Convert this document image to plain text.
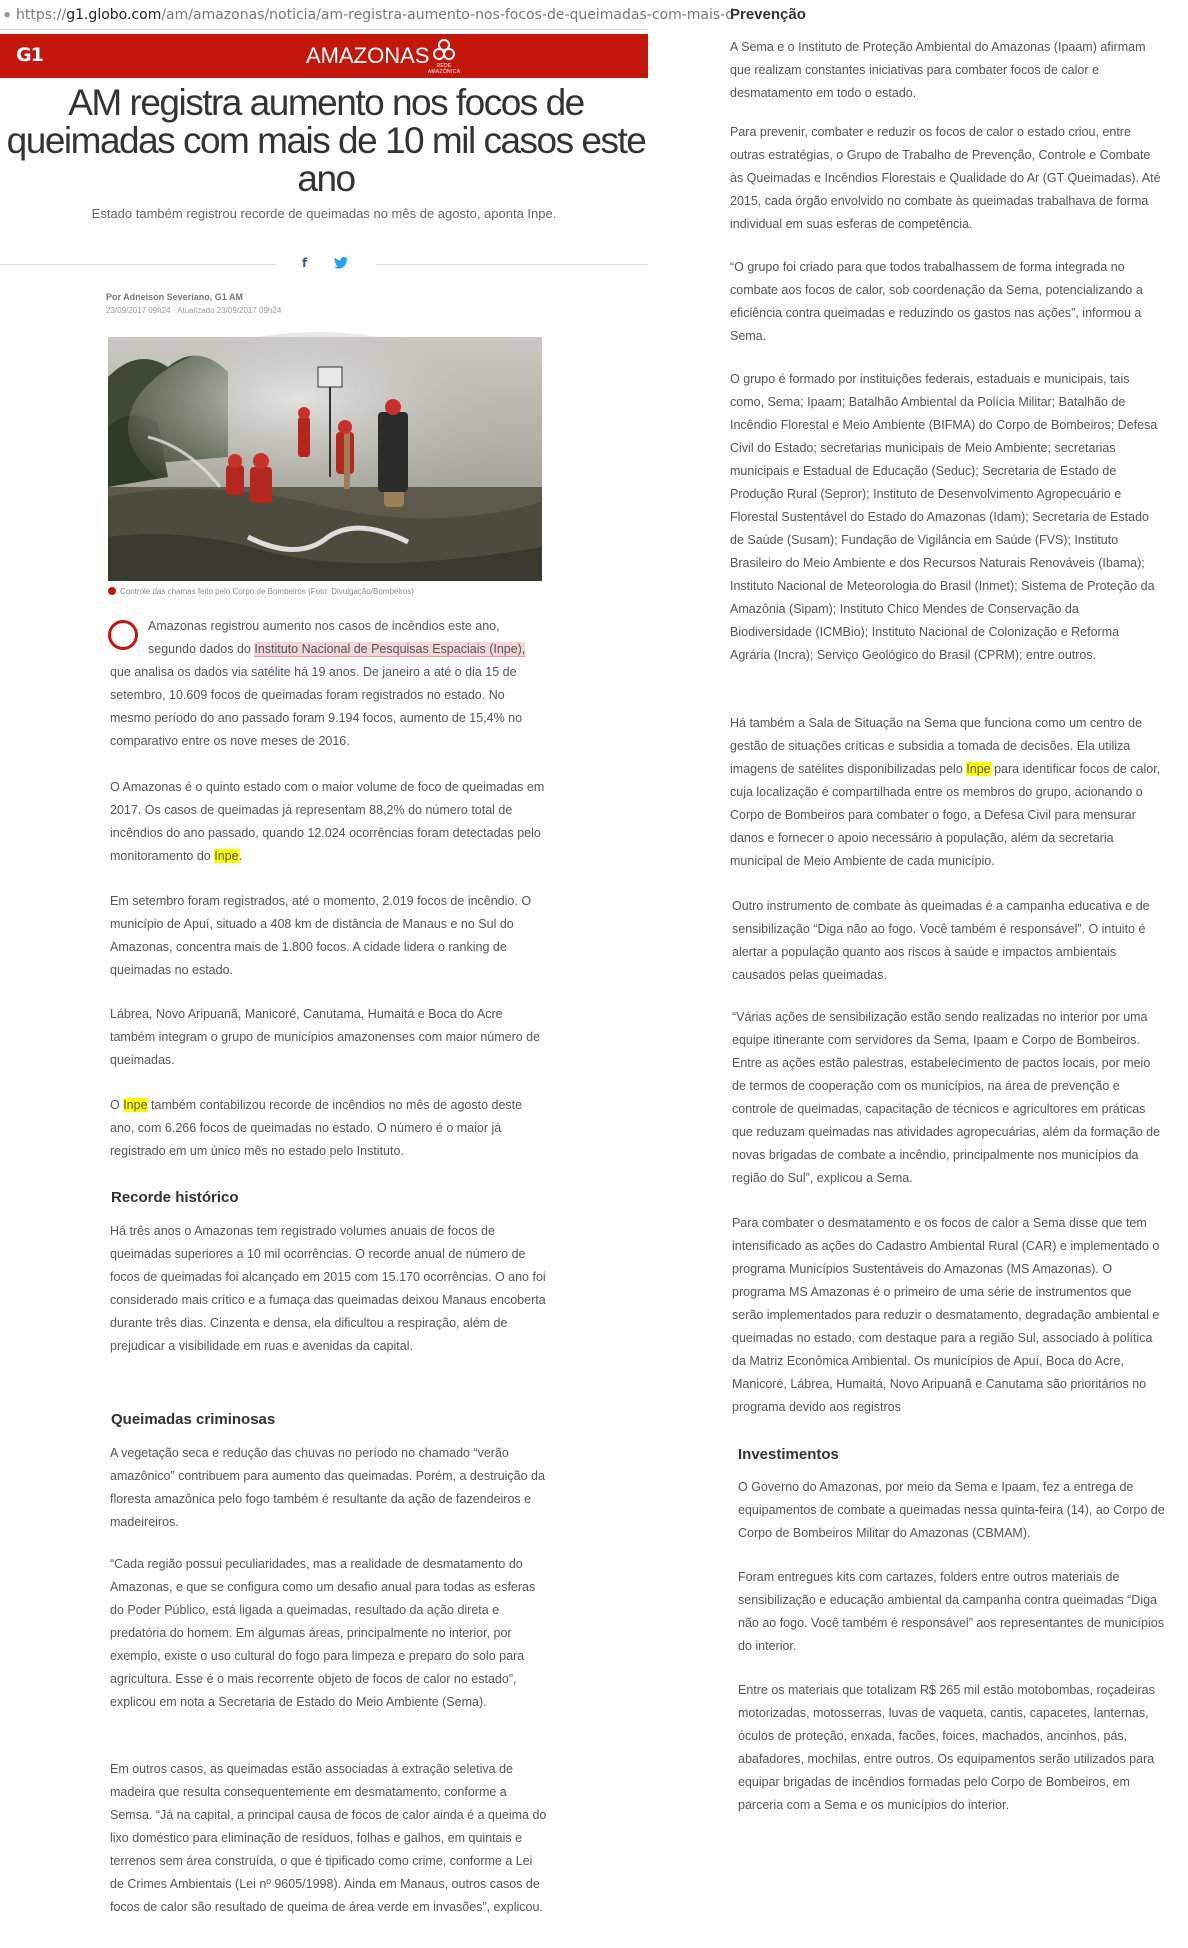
⚫ https://g1.globo.com/am/amazonas/noticia/am-registra-aumento-nos-focos-de-queimadas-com-mais-d
G1	AMAZONAS	REDE AMAZÔNICA
AM registra aumento nos focos de queimadas com mais de 10 mil casos este ano
Estado também registrou recorde de queimadas no mês de agosto, aponta Inpe.
f
Por Adneison Severiano, G1 AM
23/09/2017 09h24 · Atualizado 23/09/2017 09h24
Controle das chamas feito pelo Corpo de Bombeiros (Foto: Divulgação/Bombeiros)

Amazonas registrou aumento nos casos de incêndios este ano,
segundo dados do Instituto Nacional de Pesquisas Espaciais (Inpe), que analisa os dados via satélite há 19 anos. De janeiro a até o dia 15 de setembro, 10.609 focos de queimadas foram registrados no estado. No mesmo período do ano passado foram 9.194 focos, aumento de 15,4% no comparativo entre os nove meses de 2016.

O Amazonas é o quinto estado com o maior volume de foco de queimadas em 2017. Os casos de queimadas já representam 88,2% do número total de incêndios do ano passado, quando 12.024 ocorrências foram detectadas pelo monitoramento do Inpe.

Em setembro foram registrados, até o momento, 2.019 focos de incêndio. O município de Apuí, situado a 408 km de distância de Manaus e no Sul do Amazonas, concentra mais de 1.800 focos. A cidade lidera o ranking de queimadas no estado.

Lábrea, Novo Aripuanã, Manicoré, Canutama, Humaitá e Boca do Acre também integram o grupo de municípios amazonenses com maior número de queimadas.

O Inpe também contabilizou recorde de incêndios no mês de agosto deste ano, com 6.266 focos de queimadas no estado. O número é o maior já registrado em um único mês no estado pelo Instituto.

Recorde histórico

Há três anos o Amazonas tem registrado volumes anuais de focos de queimadas superiores a 10 mil ocorrências. O recorde anual de número de focos de queimadas foi alcançado em 2015 com 15.170 ocorrências. O ano foi considerado mais crítico e a fumaça das queimadas deixou Manaus encoberta durante três dias. Cinzenta e densa, ela dificultou a respiração, além de prejudicar a visibilidade em ruas e avenidas da capital.

Queimadas criminosas

A vegetação seca e redução das chuvas no período no chamado “verão amazônico” contribuem para aumento das queimadas. Porém, a destruição da floresta amazônica pelo fogo também é resultante da ação de fazendeiros e madeireiros.

“Cada região possui peculiaridades, mas a realidade de desmatamento do Amazonas, e que se configura como um desafio anual para todas as esferas do Poder Público, está ligada a queimadas, resultado da ação direta e predatória do homem. Em algumas áreas, principalmente no interior, por exemplo, existe o uso cultural do fogo para limpeza e preparo do solo para agricultura. Esse é o mais recorrente objeto de focos de calor no estado”, explicou em nota a Secretaria de Estado do Meio Ambiente (Sema).

Em outros casos, as queimadas estão associadas à extração seletiva de madeira que resulta consequentemente em desmatamento, conforme a Semsa. “Já na capital, a principal causa de focos de calor ainda é a queima do lixo doméstico para eliminação de resíduos, folhas e galhos, em quintais e terrenos sem área construída, o que é tipificado como crime, conforme a Lei de Crimes Ambientais (Lei nº 9605/1998). Ainda em Manaus, outros casos de focos de calor são resultado de queima de área verde em invasões”, explicou.

Prevenção

A Sema e o Instituto de Proteção Ambiental do Amazonas (Ipaam) afirmam que realizam constantes iniciativas para combater focos de calor e desmatamento em todo o estado.

Para prevenir, combater e reduzir os focos de calor o estado criou, entre outras estratégias, o Grupo de Trabalho de Prevenção, Controle e Combate às Queimadas e Incêndios Florestais e Qualidade do Ar (GT Queimadas). Até 2015, cada órgão envolvido no combate às queimadas trabalhava de forma individual em suas esferas de competência.

“O grupo foi criado para que todos trabalhassem de forma integrada no combate aos focos de calor, sob coordenação da Sema, potencializando a eficiência contra queimadas e reduzindo os gastos nas ações”, informou a Sema.

O grupo é formado por instituições federais, estaduais e municipais, tais como, Sema; Ipaam; Batalhão Ambiental da Polícia Militar; Batalhão de Incêndio Florestal e Meio Ambiente (BIFMA) do Corpo de Bombeiros; Defesa Civil do Estado; secretarias municipais de Meio Ambiente; secretarias municipais e Estadual de Educação (Seduc); Secretaria de Estado de Produção Rural (Sepror); Instituto de Desenvolvimento Agropecuário e Florestal Sustentável do Estado do Amazonas (Idam); Secretaria de Estado de Saúde (Susam); Fundação de Vigilância em Saúde (FVS); Instituto Brasileiro do Meio Ambiente e dos Recursos Naturais Renováveis (Ibama); Instituto Nacional de Meteorologia do Brasil (Inmet); Sistema de Proteção da Amazônia (Sipam); Instituto Chico Mendes de Conservação da Biodiversidade (ICMBio); Instituto Nacional de Colonização e Reforma Agrária (Incra); Serviço Geológico do Brasil (CPRM); entre outros.

Há também a Sala de Situação na Sema que funciona como um centro de gestão de situações críticas e subsidia a tomada de decisões. Ela utiliza imagens de satélites disponibilizadas pelo Inpe para identificar focos de calor, cuja localização é compartilhada entre os membros do grupo, acionando o Corpo de Bombeiros para combater o fogo, a Defesa Civil para mensurar danos e fornecer o apoio necessário à população, além da secretaria municipal de Meio Ambiente de cada município.

Outro instrumento de combate às queimadas é a campanha educativa e de sensibilização “Diga não ao fogo. Você também é responsável”. O intuito é alertar a população quanto aos riscos à saúde e impactos ambientais causados pelas queimadas.

“Várias ações de sensibilização estão sendo realizadas no interior por uma equipe itinerante com servidores da Sema, Ipaam e Corpo de Bombeiros. Entre as ações estão palestras, estabelecimento de pactos locais, por meio de termos de cooperação com os municípios, na área de prevenção e controle de queimadas, capacitação de técnicos e agricultores em práticas que reduzam queimadas nas atividades agropecuárias, além da formação de novas brigadas de combate a incêndio, principalmente nos municípios da região do Sul”, explicou a Sema.

Para combater o desmatamento e os focos de calor a Sema disse que tem intensificado as ações do Cadastro Ambiental Rural (CAR) e implementado o programa Municípios Sustentáveis do Amazonas (MS Amazonas). O programa MS Amazonas é o primeiro de uma série de instrumentos que serão implementados para reduzir o desmatamento, degradação ambiental e queimadas no estado, com destaque para a região Sul, associado à política da Matriz Econômica Ambiental. Os municípios de Apuí, Boca do Acre, Manicoré, Lábrea, Humaitá, Novo Aripuanã e Canutama são prioritários no programa devido aos registros

Investimentos

O Governo do Amazonas, por meio da Sema e Ipaam, fez a entrega de equipamentos de combate a queimadas nessa quinta-feira (14), ao Corpo de Corpo de Bombeiros Militar do Amazonas (CBMAM).

Foram entregues kits com cartazes, folders entre outros materiais de sensibilização e educação ambiental da campanha contra queimadas “Diga não ao fogo. Você também é responsável” aos representantes de municípios do interior.

Entre os materiais que totalizam R$ 265 mil estão motobombas, roçadeiras motorizadas, motosserras, luvas de vaqueta, cantis, capacetes, lanternas, óculos de proteção, enxada, facões, foices, machados, ancinhos, pás, abafadores, mochilas, entre outros. Os equipamentos serão utilizados para equipar brigadas de incêndios formadas pelo Corpo de Bombeiros, em parceria com a Sema e os municípios do interior.
